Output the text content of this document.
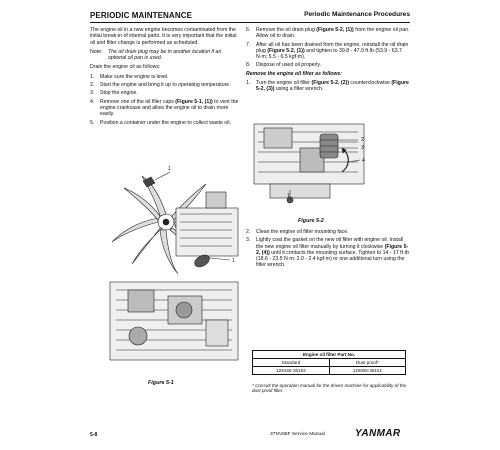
PERIODIC MAINTENANCE	Periodic Maintenance Procedures

The engine oil in a new engine becomes contaminated from the initial break-in of internal parts. It is very important that the initial oil and filter change is performed as scheduled.

Note: The oil drain plug may be in another location if an optional oil pan is used.

Drain the engine oil as follows:

1. Make sure the engine is level.
2. Start the engine and bring it up to operating temperature.
3. Stop the engine.
4. Remove one of the oil filler caps (Figure 5-1, (1)) to vent the engine crankcase and allow the engine oil to drain more easily.
5. Position a container under the engine to collect waste oil.
1
1
Figure 5-1
6. Remove the oil drain plug (Figure 5-2, (1)) from the engine oil pan. Allow oil to drain.
7. After all oil has been drained from the engine, reinstall the oil drain plug (Figure 5-2, (1)) and tighten to 39.8 - 47.0 ft·lb (53.9 - 63.7 N·m; 5.5 - 6.5 kgf·m).
8. Dispose of used oil properly.

Remove the engine oil filter as follows:

1. Turn the engine oil filter (Figure 5-2, (2)) counterclockwise (Figure 5-2, (3)) using a filter wrench.
2
3
4
1
Figure 5-2
2. Clean the engine oil filter mounting face.
3. Lightly coat the gasket on the new oil filter with engine oil. Install the new engine oil filter manually by turning it clockwise (Figure 5-2, (4)) until it contacts the mounting surface. Tighten to 14 - 17 ft·lb (18.6 - 23.5 N·m; 2.0 - 2.4 kgf·m) or one additional turn using the filter wrench.
Engine oil filter Part No.	
Standard	Dust proof*
129150-35153	119005-35151
* Consult the operation manual for the driven machine for applicability of the dust proof filter.
5-8	3TNV88F Service Manual	YANMAR
